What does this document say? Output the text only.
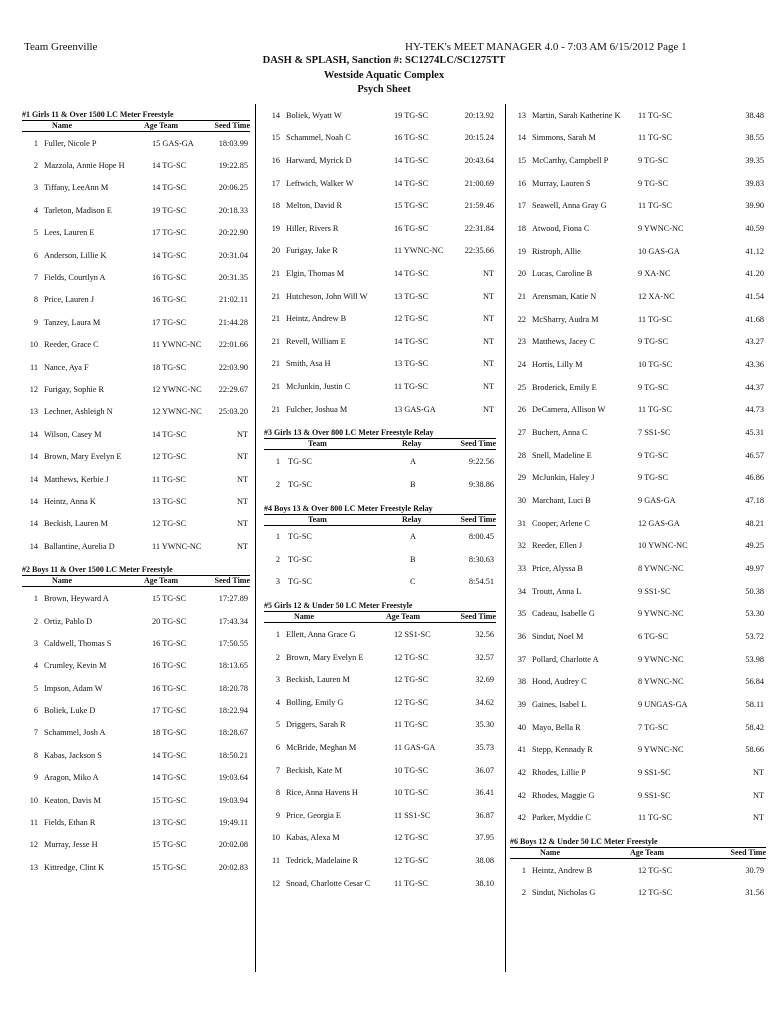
Team Greenville	HY-TEK's MEET MANAGER 4.0 - 7:03 AM 6/15/2012 Page 1
DASH & SPLASH, Sanction #: SC1274LC/SC1275TT
Westside Aquatic Complex
Psych Sheet
#1 Girls 11 & Over 1500 LC Meter Freestyle
Name	Age Team	Seed Time
1 Fuller, Nicole P	15 GAS-GA	18:03.99
2 Mazzola, Annie Hope H	14 TG-SC	19:22.85
3 Tiffany, LeeAnn M	14 TG-SC	20:06.25
4 Tarleton, Madison E	19 TG-SC	20:18.33
5 Lees, Lauren E	17 TG-SC	20:22.90
6 Anderson, Lillie K	14 TG-SC	20:31.04
7 Fields, Courtlyn A	16 TG-SC	20:31.35
8 Price, Lauren J	16 TG-SC	21:02.11
9 Tanzey, Laura M	17 TG-SC	21:44.28
10 Reeder, Grace C	11 YWNC-NC 22:01.66
11 Nance, Aya F	18 TG-SC	22:03.90
12 Furigay, Sophie R	12 YWNC-NC 22:29.67
13 Lechner, Ashleigh N	12 YWNC-NC 25:03.20
14 Wilson, Casey M	14 TG-SC	NT
14 Brown, Mary Evelyn E	12 TG-SC	NT
14 Matthews, Kerbie J	11 TG-SC	NT
14 Heintz, Anna K	13 TG-SC	NT
14 Beckish, Lauren M	12 TG-SC	NT
14 Ballantine, Aurelia D	11 YWNC-NC	NT
#2 Boys 11 & Over 1500 LC Meter Freestyle
Name	Age Team	Seed Time
1 Brown, Heyward A	15 TG-SC	17:27.89
2 Ortiz, Pablo D	20 TG-SC	17:43.34
3 Caldwell, Thomas S	16 TG-SC	17:50.55
4 Crumley, Kevin M	16 TG-SC	18:13.65
5 Impson, Adam W	16 TG-SC	18:20.78
6 Boliek, Luke D	17 TG-SC	18:22.94
7 Schammel, Josh A	18 TG-SC	18:28.67
8 Kabas, Jackson S	14 TG-SC	18:50.21
9 Aragon, Miko A	14 TG-SC	19:03.64
10 Keaton, Davis M	15 TG-SC	19:03.94
11 Fields, Ethan R	13 TG-SC	19:49.11
12 Murray, Jesse H	15 TG-SC	20:02.08
13 Kittredge, Clint K	15 TG-SC	20:02.83
14 Boliek, Wyatt W	19 TG-SC	20:13.92
15 Schammel, Noah C	16 TG-SC	20:15.24
16 Harward, Myrick D	14 TG-SC	20:43.64
17 Leftwich, Walker W	14 TG-SC	21:00.69
18 Melton, David R	15 TG-SC	21:59.46
19 Hiller, Rivers R	16 TG-SC	22:31.84
20 Furigay, Jake R	11 YWNC-NC	22:35.66
21 Elgin, Thomas M	14 TG-SC	NT
21 Hutcheson, John Will W	13 TG-SC	NT
21 Heintz, Andrew B	12 TG-SC	NT
21 Revell, William E	14 TG-SC	NT
21 Smith, Asa H	13 TG-SC	NT
21 McJunkin, Justin C	11 TG-SC	NT
21 Fulcher, Joshua M	13 GAS-GA	NT
#3 Girls 13 & Over 800 LC Meter Freestyle Relay
Team	Relay	Seed Time
1 TG-SC	A	9:22.56
2 TG-SC	B	9:38.86
#4 Boys 13 & Over 800 LC Meter Freestyle Relay
Team	Relay	Seed Time
1 TG-SC	A	8:00.45
2 TG-SC	B	8:30.63
3 TG-SC	C	8:54.51
#5 Girls 12 & Under 50 LC Meter Freestyle
Name	Age Team	Seed Time
1 Ellett, Anna Grace G	12 SS1-SC	32.56
2 Brown, Mary Evelyn E	12 TG-SC	32.57
3 Beckish, Lauren M	12 TG-SC	32.69
4 Bolling, Emily G	12 TG-SC	34.62
5 Driggers, Sarah R	11 TG-SC	35.30
6 McBride, Meghan M	11 GAS-GA	35.73
7 Beckish, Kate M	10 TG-SC	36.07
8 Rice, Anna Havens H	10 TG-SC	36.41
9 Price, Georgia E	11 SS1-SC	36.87
10 Kabas, Alexa M	12 TG-SC	37.95
11 Tedrick, Madelaine R	12 TG-SC	38.08
12 Snoad, Charlotte Cesar C	11 TG-SC	38.10
13 Martin, Sarah Katherine K 11 TG-SC	38.48
14 Simmons, Sarah M	11 TG-SC	38.55
15 McCarthy, Campbell P	9 TG-SC	39.35
16 Murray, Lauren S	9 TG-SC	39.83
17 Seawell, Anna Gray G	11 TG-SC	39.90
18 Atwood, Fiona C	9 YWNC-NC	40.59
19 Ristroph, Allie	10 GAS-GA	41.12
20 Lucas, Caroline B	9 XA-NC	41.20
21 Arensman, Katie N	12 XA-NC	41.54
22 McSharry, Audra M	11 TG-SC	41.68
23 Matthews, Jacey C	9 TG-SC	43.27
24 Hortis, Lilly M	10 TG-SC	43.36
25 Broderick, Emily E	9 TG-SC	44.37
26 DeCamera, Allison W	11 TG-SC	44.73
27 Buchert, Anna C	7 SS1-SC	45.31
28 Snell, Madeline E	9 TG-SC	46.57
29 McJunkin, Haley J	9 TG-SC	46.86
30 Marchant, Luci B	9 GAS-GA	47.18
31 Cooper, Arlene C	12 GAS-GA	48.21
32 Reeder, Ellen J	10 YWNC-NC	49.25
33 Price, Alyssa B	8 YWNC-NC	49.97
34 Troutt, Anna L	9 SS1-SC	50.38
35 Cadeau, Isabelle G	9 YWNC-NC	53.30
36 Sindut, Noel M	6 TG-SC	53.72
37 Pollard, Charlotte A	9 YWNC-NC	53.98
38 Hood, Audrey C	8 YWNC-NC	56.84
39 Gaines, Isabel L	9 UNGAS-GA	58.11
40 Mayo, Bella R	7 TG-SC	58.42
41 Stepp, Kennady R	9 YWNC-NC	58.66
42 Rhodes, Lillie P	9 SS1-SC	NT
42 Rhodes, Maggie G	9 SS1-SC	NT
42 Parker, Myddie C	11 TG-SC	NT
#6 Boys 12 & Under 50 LC Meter Freestyle
Name	Age Team	Seed Time
1 Heintz, Andrew B	12 TG-SC	30.79
2 Sindut, Nicholas G	12 TG-SC	31.56
